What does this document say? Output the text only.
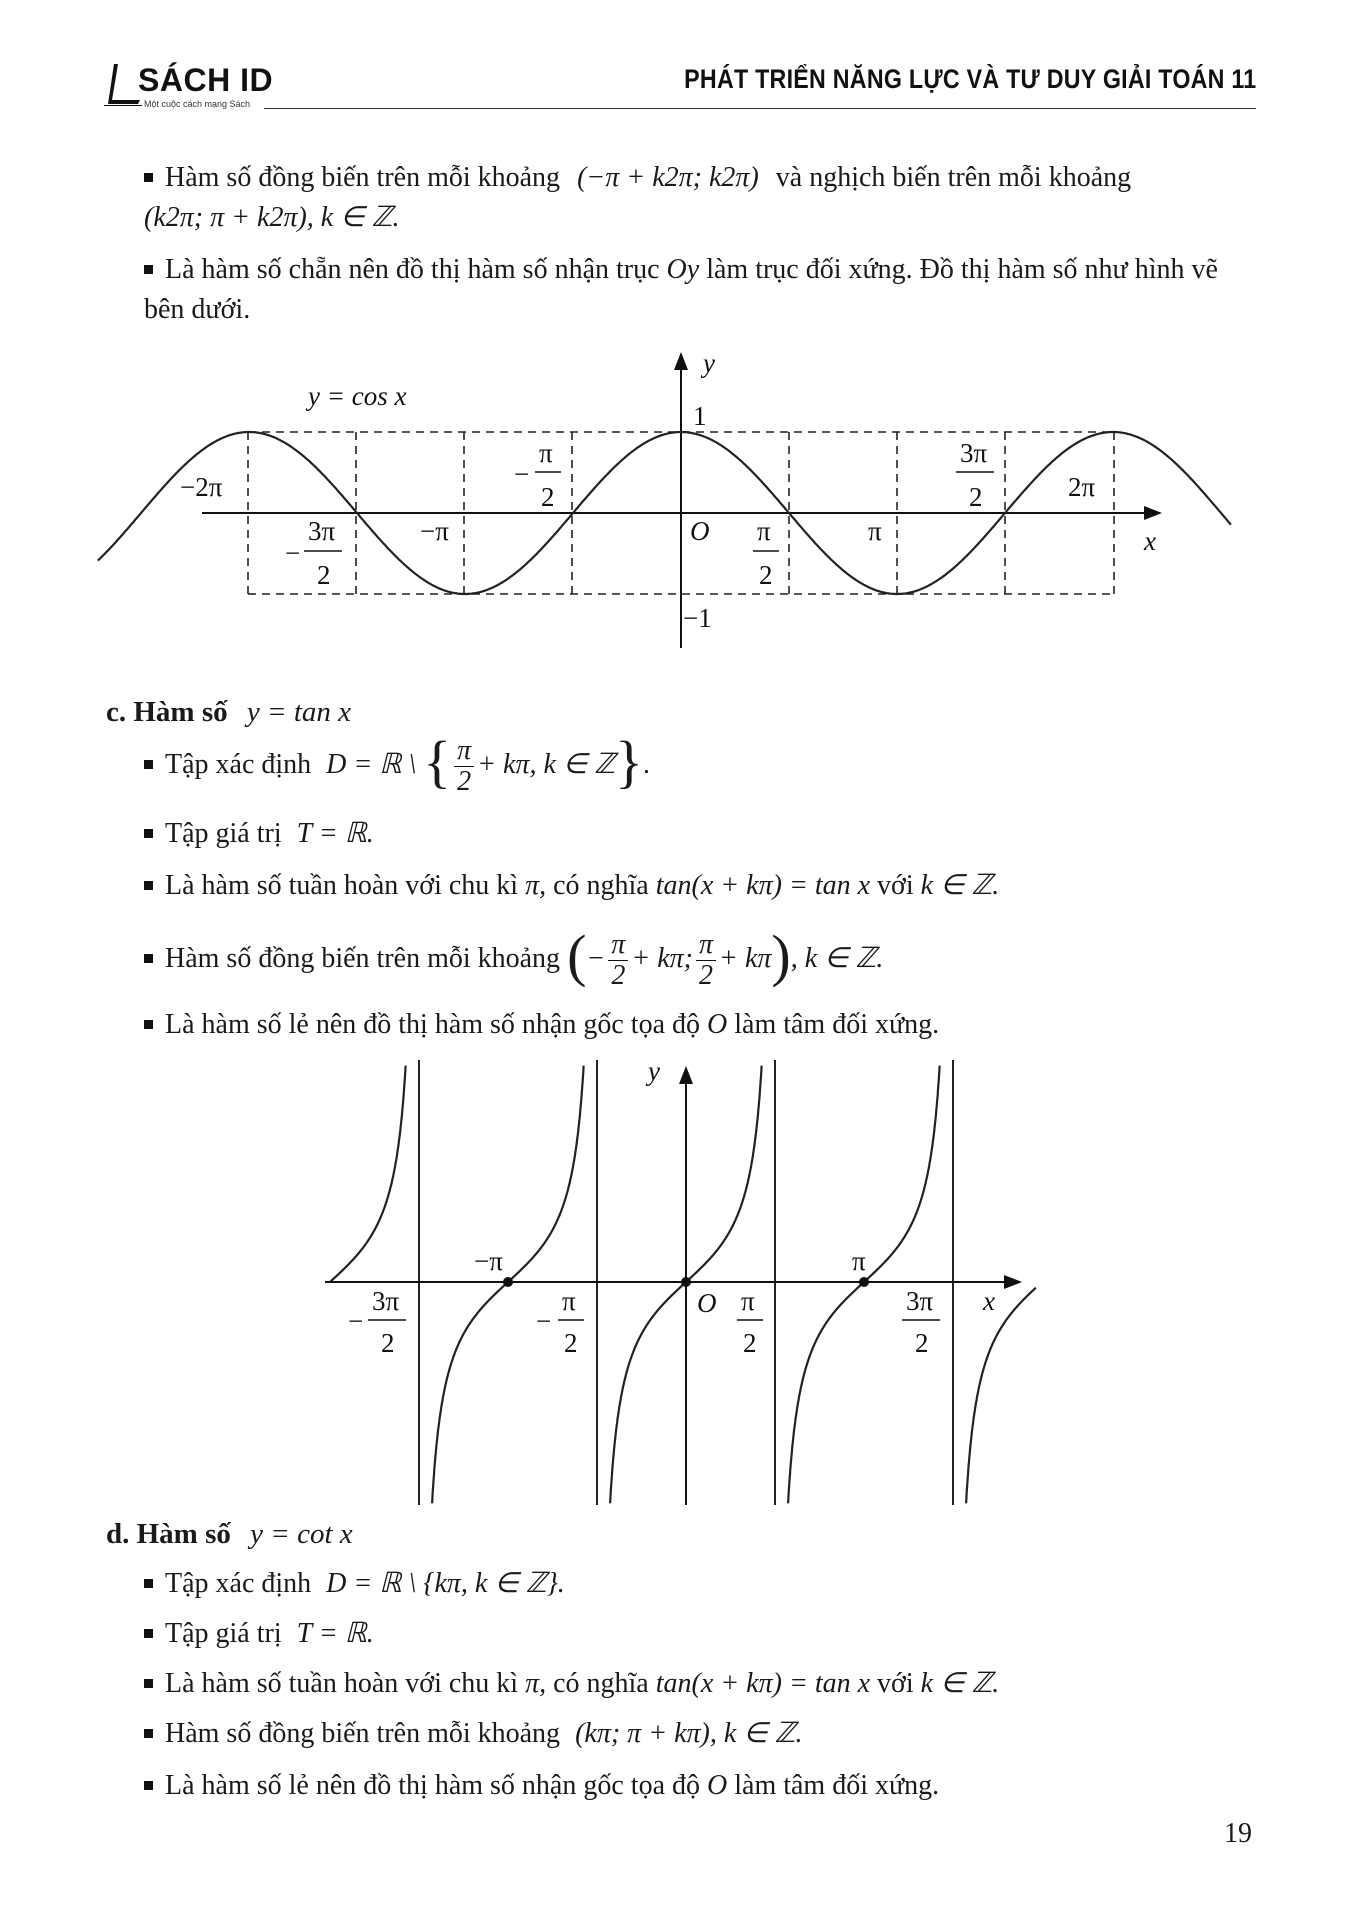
SÁCH ID
Một cuộc cách mạng Sách
PHÁT TRIỂN NĂNG LỰC VÀ TƯ DUY GIẢI TOÁN 11
Hàm số đồng biến trên mỗi khoảng (−π + k2π; k2π) và nghịch biến trên mỗi khoảng
(k2π; π + k2π), k ∈ ℤ.
Là hàm số chẵn nên đồ thị hàm số nhận trục Oy làm trục đối xứng. Đồ thị hàm số như hình vẽ bên dưới.
y = cos x
y
x
O
1
−1
−2π	2π
−π	π
−
3π
2
−
π
2
π
2
3π
2
c. Hàm số y = tan x
Tập xác định D = ℝ \ { $\frac{\pi}{2} + k\pi$, k ∈ ℤ}.
Tập giá trị T = ℝ.
Là hàm số tuần hoàn với chu kì π, có nghĩa tan(x + kπ) = tan x với k ∈ ℤ.
Hàm số đồng biến trên mỗi khoảng (− $\frac{\pi}{2} + k\pi$; $\frac{\pi}{2} + k\pi$), k ∈ ℤ.
Là hàm số lẻ nên đồ thị hàm số nhận gốc tọa độ O làm tâm đối xứng.
y
x
O
−π	π
−
3π
2
−
π
2
π
2
3π
2
d. Hàm số y = cot x
Tập xác định D = ℝ \ {kπ, k ∈ ℤ}.
Tập giá trị T = ℝ.
Là hàm số tuần hoàn với chu kì π, có nghĩa tan(x + kπ) = tan x với k ∈ ℤ.
Hàm số đồng biến trên mỗi khoảng (kπ; π + kπ), k ∈ ℤ.
Là hàm số lẻ nên đồ thị hàm số nhận gốc tọa độ O làm tâm đối xứng.
19
